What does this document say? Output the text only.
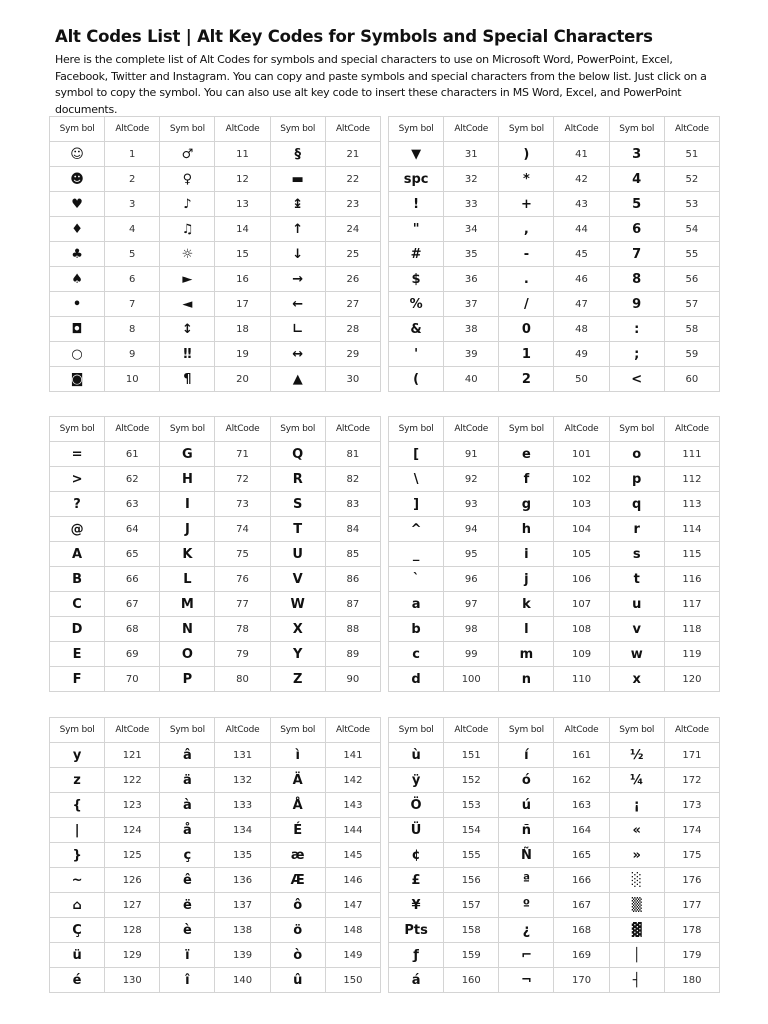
Alt Codes List | Alt Key Codes for Symbols and Special Characters
Here is the complete list of Alt Codes for symbols and special characters to use on Microsoft Word, PowerPoint, Excel, Facebook, Twitter and Instagram. You can copy and paste symbols and special characters from the below list. Just click on a symbol to copy the symbol. You can also use alt key code to insert these characters in MS Word, Excel, and PowerPoint documents.
Sym bol	AltCode	Sym bol	AltCode	Sym bol	AltCode
☺	1	♂	11	§	21
☻	2	♀	12	▬	22
♥	3	♪	13	↨	23
♦	4	♫	14	↑	24
♣	5	☼	15	↓	25
♠	6	►	16	→	26
•	7	◄	17	←	27
◘	8	↕	18	∟	28
○	9	‼	19	↔	29
◙	10	¶	20	▲	30
Sym bol	AltCode	Sym bol	AltCode	Sym bol	AltCode
▼	31	)	41	3	51
spc	32	*	42	4	52
!	33	+	43	5	53
"	34	,	44	6	54
#	35	-	45	7	55
$	36	.	46	8	56
%	37	/	47	9	57
&	38	0	48	:	58
'	39	1	49	;	59
(	40	2	50	<	60
Sym bol	AltCode	Sym bol	AltCode	Sym bol	AltCode
=	61	G	71	Q	81
>	62	H	72	R	82
?	63	I	73	S	83
@	64	J	74	T	84
A	65	K	75	U	85
B	66	L	76	V	86
C	67	M	77	W	87
D	68	N	78	X	88
E	69	O	79	Y	89
F	70	P	80	Z	90
Sym bol	AltCode	Sym bol	AltCode	Sym bol	AltCode
[	91	e	101	o	111
\	92	f	102	p	112
]	93	g	103	q	113
^	94	h	104	r	114
_	95	i	105	s	115
`	96	j	106	t	116
a	97	k	107	u	117
b	98	l	108	v	118
c	99	m	109	w	119
d	100	n	110	x	120
Sym bol	AltCode	Sym bol	AltCode	Sym bol	AltCode
y	121	â	131	ì	141
z	122	ä	132	Ä	142
{	123	à	133	Å	143
|	124	å	134	É	144
}	125	ç	135	æ	145
~	126	ê	136	Æ	146
⌂	127	ë	137	ô	147
Ç	128	è	138	ö	148
ü	129	ï	139	ò	149
é	130	î	140	û	150
Sym bol	AltCode	Sym bol	AltCode	Sym bol	AltCode
ù	151	í	161	½	171
ÿ	152	ó	162	¼	172
Ö	153	ú	163	¡	173
Ü	154	ñ	164	«	174
¢	155	Ñ	165	»	175
£	156	ª	166	░	176
¥	157	º	167	▒	177
Pts	158	¿	168	▓	178
ƒ	159	⌐	169	│	179
á	160	¬	170	┤	180
